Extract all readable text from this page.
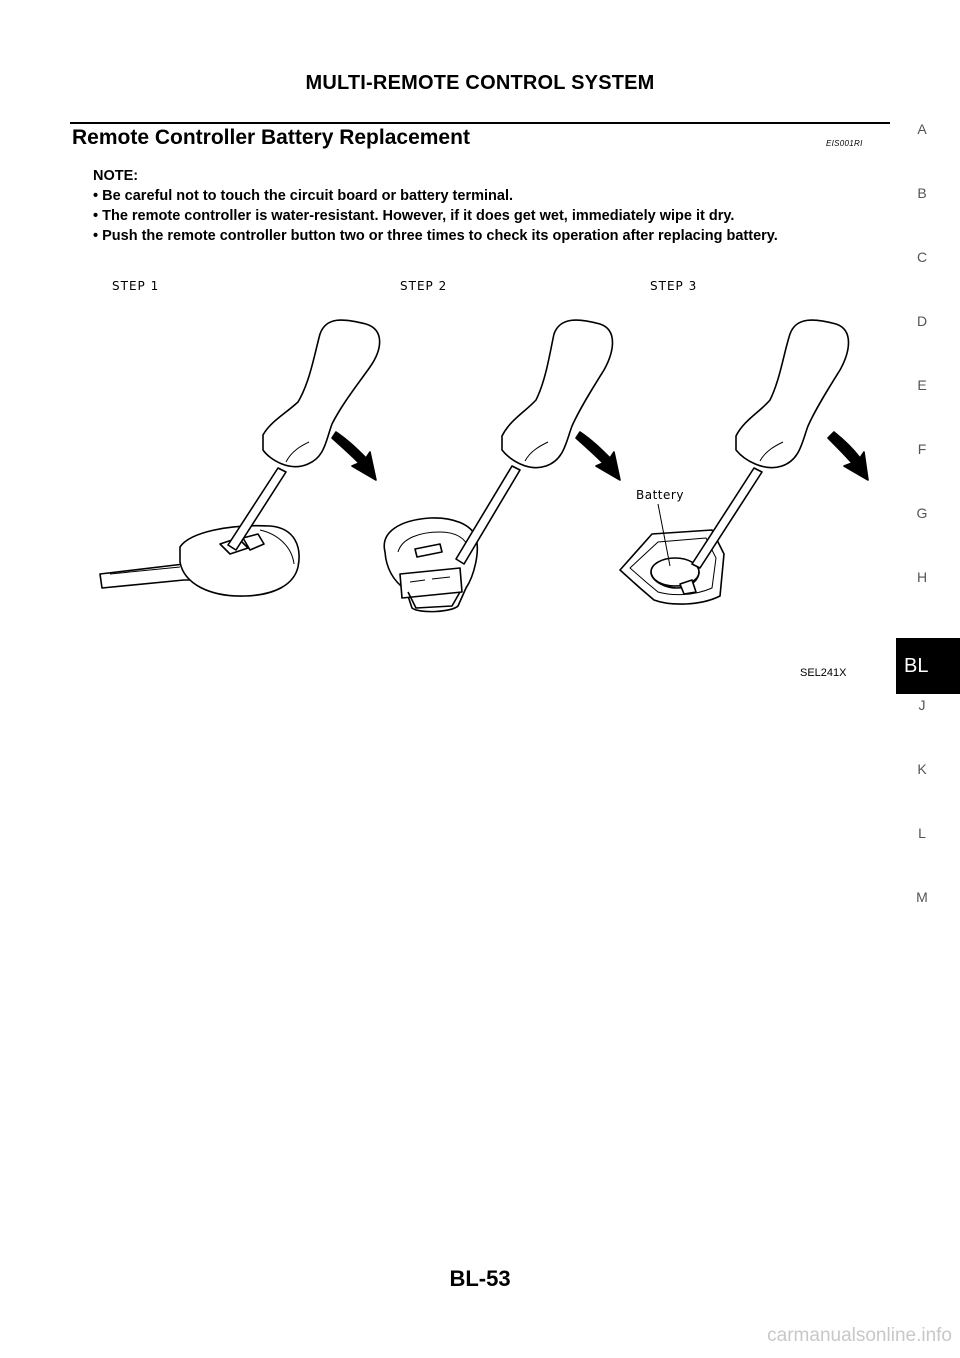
MULTI-REMOTE CONTROL SYSTEM
Remote Controller Battery Replacement	EIS001RI
NOTE:
• Be careful not to touch the circuit board or battery terminal.
• The remote controller is water-resistant. However, if it does get wet, immediately wipe it dry.
• Push the remote controller button two or three times to check its operation after replacing battery.
STEP 1	STEP 2	STEP 3
Battery
SEL241X
A
B
C
D
E
F
G
H
BL
J
K
L
M
BL-53
carmanualsonline.info
